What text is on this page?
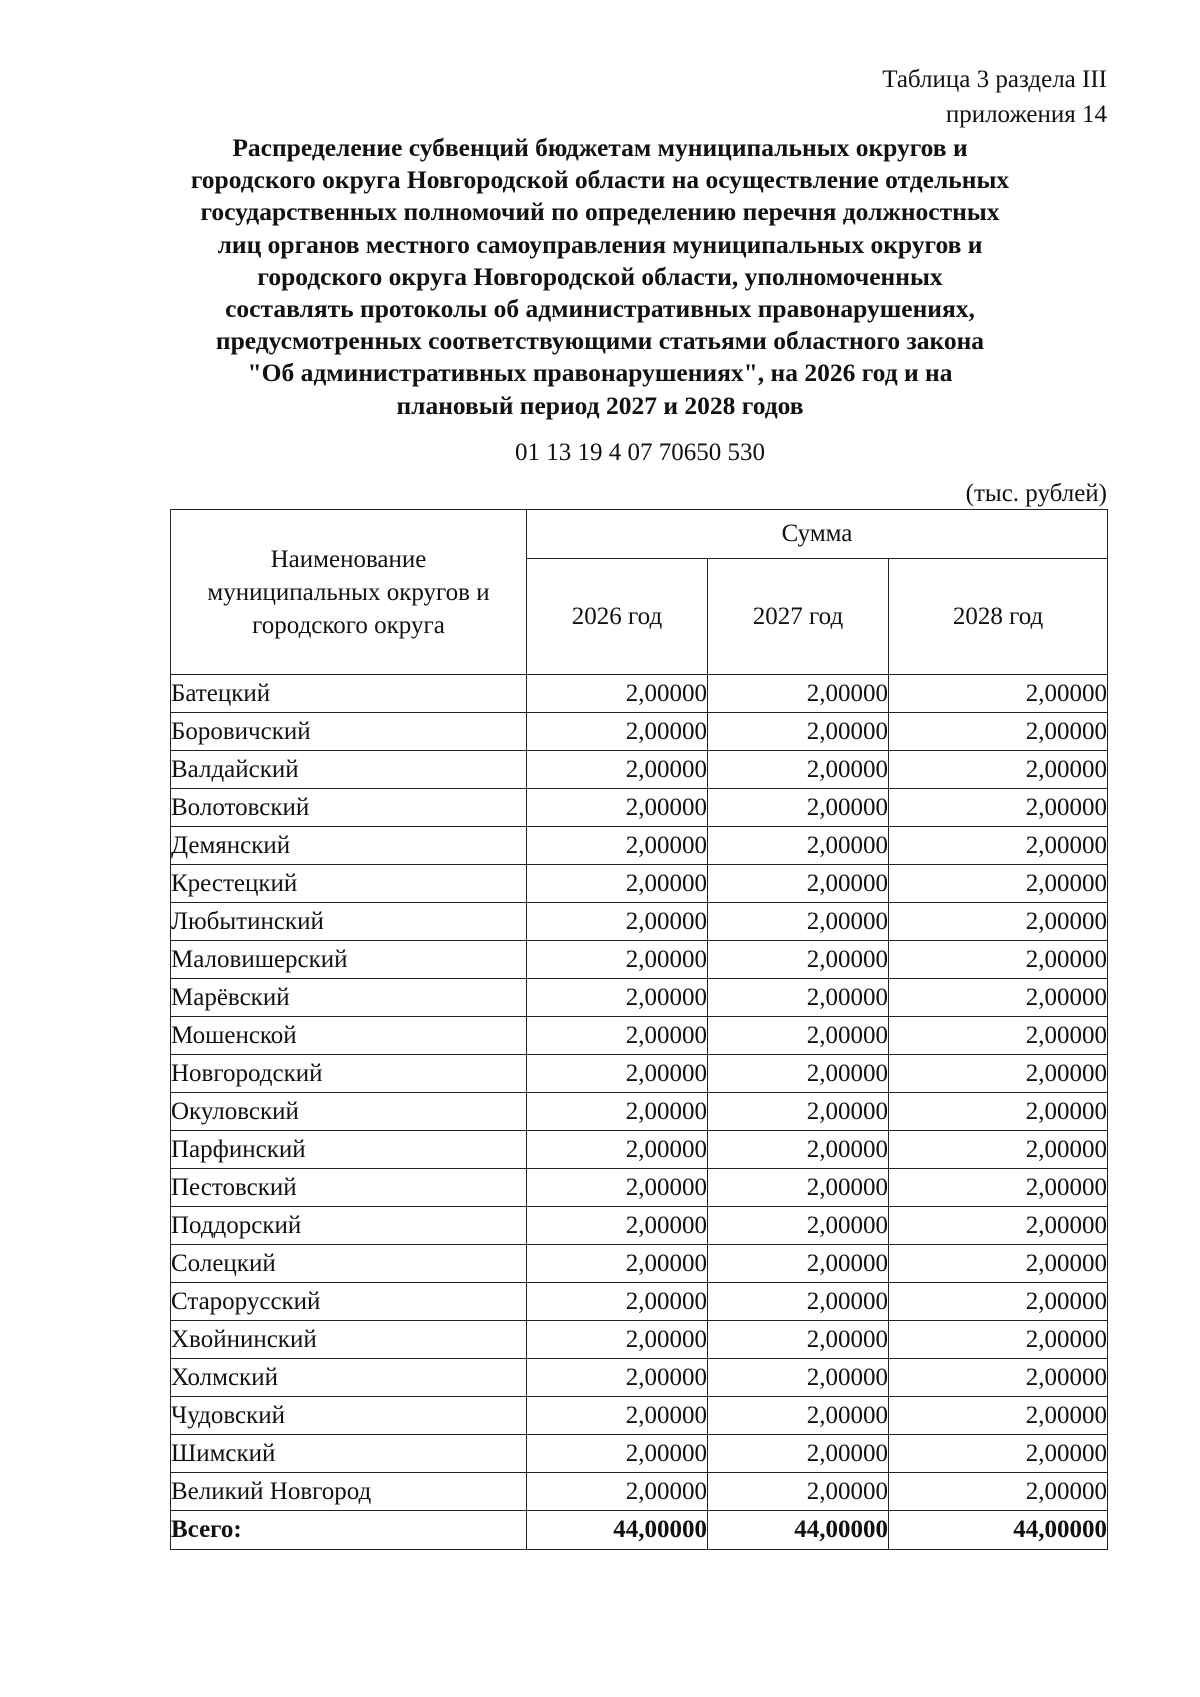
Таблица 3 раздела III
приложения 14
Распределение субвенций бюджетам муниципальных округов и
городского округа Новгородской области на осуществление отдельных
государственных полномочий по определению перечня должностных
лиц органов местного самоуправления муниципальных округов и
городского округа Новгородской области, уполномоченных
составлять протоколы об административных правонарушениях,
предусмотренных соответствующими статьями областного закона
"Об административных правонарушениях", на 2026 год и на
плановый период 2027 и 2028 годов
01 13 19 4 07 70650 530
(тыс. рублей)
Наименование
муниципальных округов и
городского округа	Сумма		
	2026 год	2027 год	2028 год
Батецкий	2,00000	2,00000	2,00000
Боровичский	2,00000	2,00000	2,00000
Валдайский	2,00000	2,00000	2,00000
Волотовский	2,00000	2,00000	2,00000
Демянский	2,00000	2,00000	2,00000
Крестецкий	2,00000	2,00000	2,00000
Любытинский	2,00000	2,00000	2,00000
Маловишерский	2,00000	2,00000	2,00000
Марёвский	2,00000	2,00000	2,00000
Мошенской	2,00000	2,00000	2,00000
Новгородский	2,00000	2,00000	2,00000
Окуловский	2,00000	2,00000	2,00000
Парфинский	2,00000	2,00000	2,00000
Пестовский	2,00000	2,00000	2,00000
Поддорский	2,00000	2,00000	2,00000
Солецкий	2,00000	2,00000	2,00000
Старорусский	2,00000	2,00000	2,00000
Хвойнинский	2,00000	2,00000	2,00000
Холмский	2,00000	2,00000	2,00000
Чудовский	2,00000	2,00000	2,00000
Шимский	2,00000	2,00000	2,00000
Великий Новгород	2,00000	2,00000	2,00000
Всего:	44,00000	44,00000	44,00000
